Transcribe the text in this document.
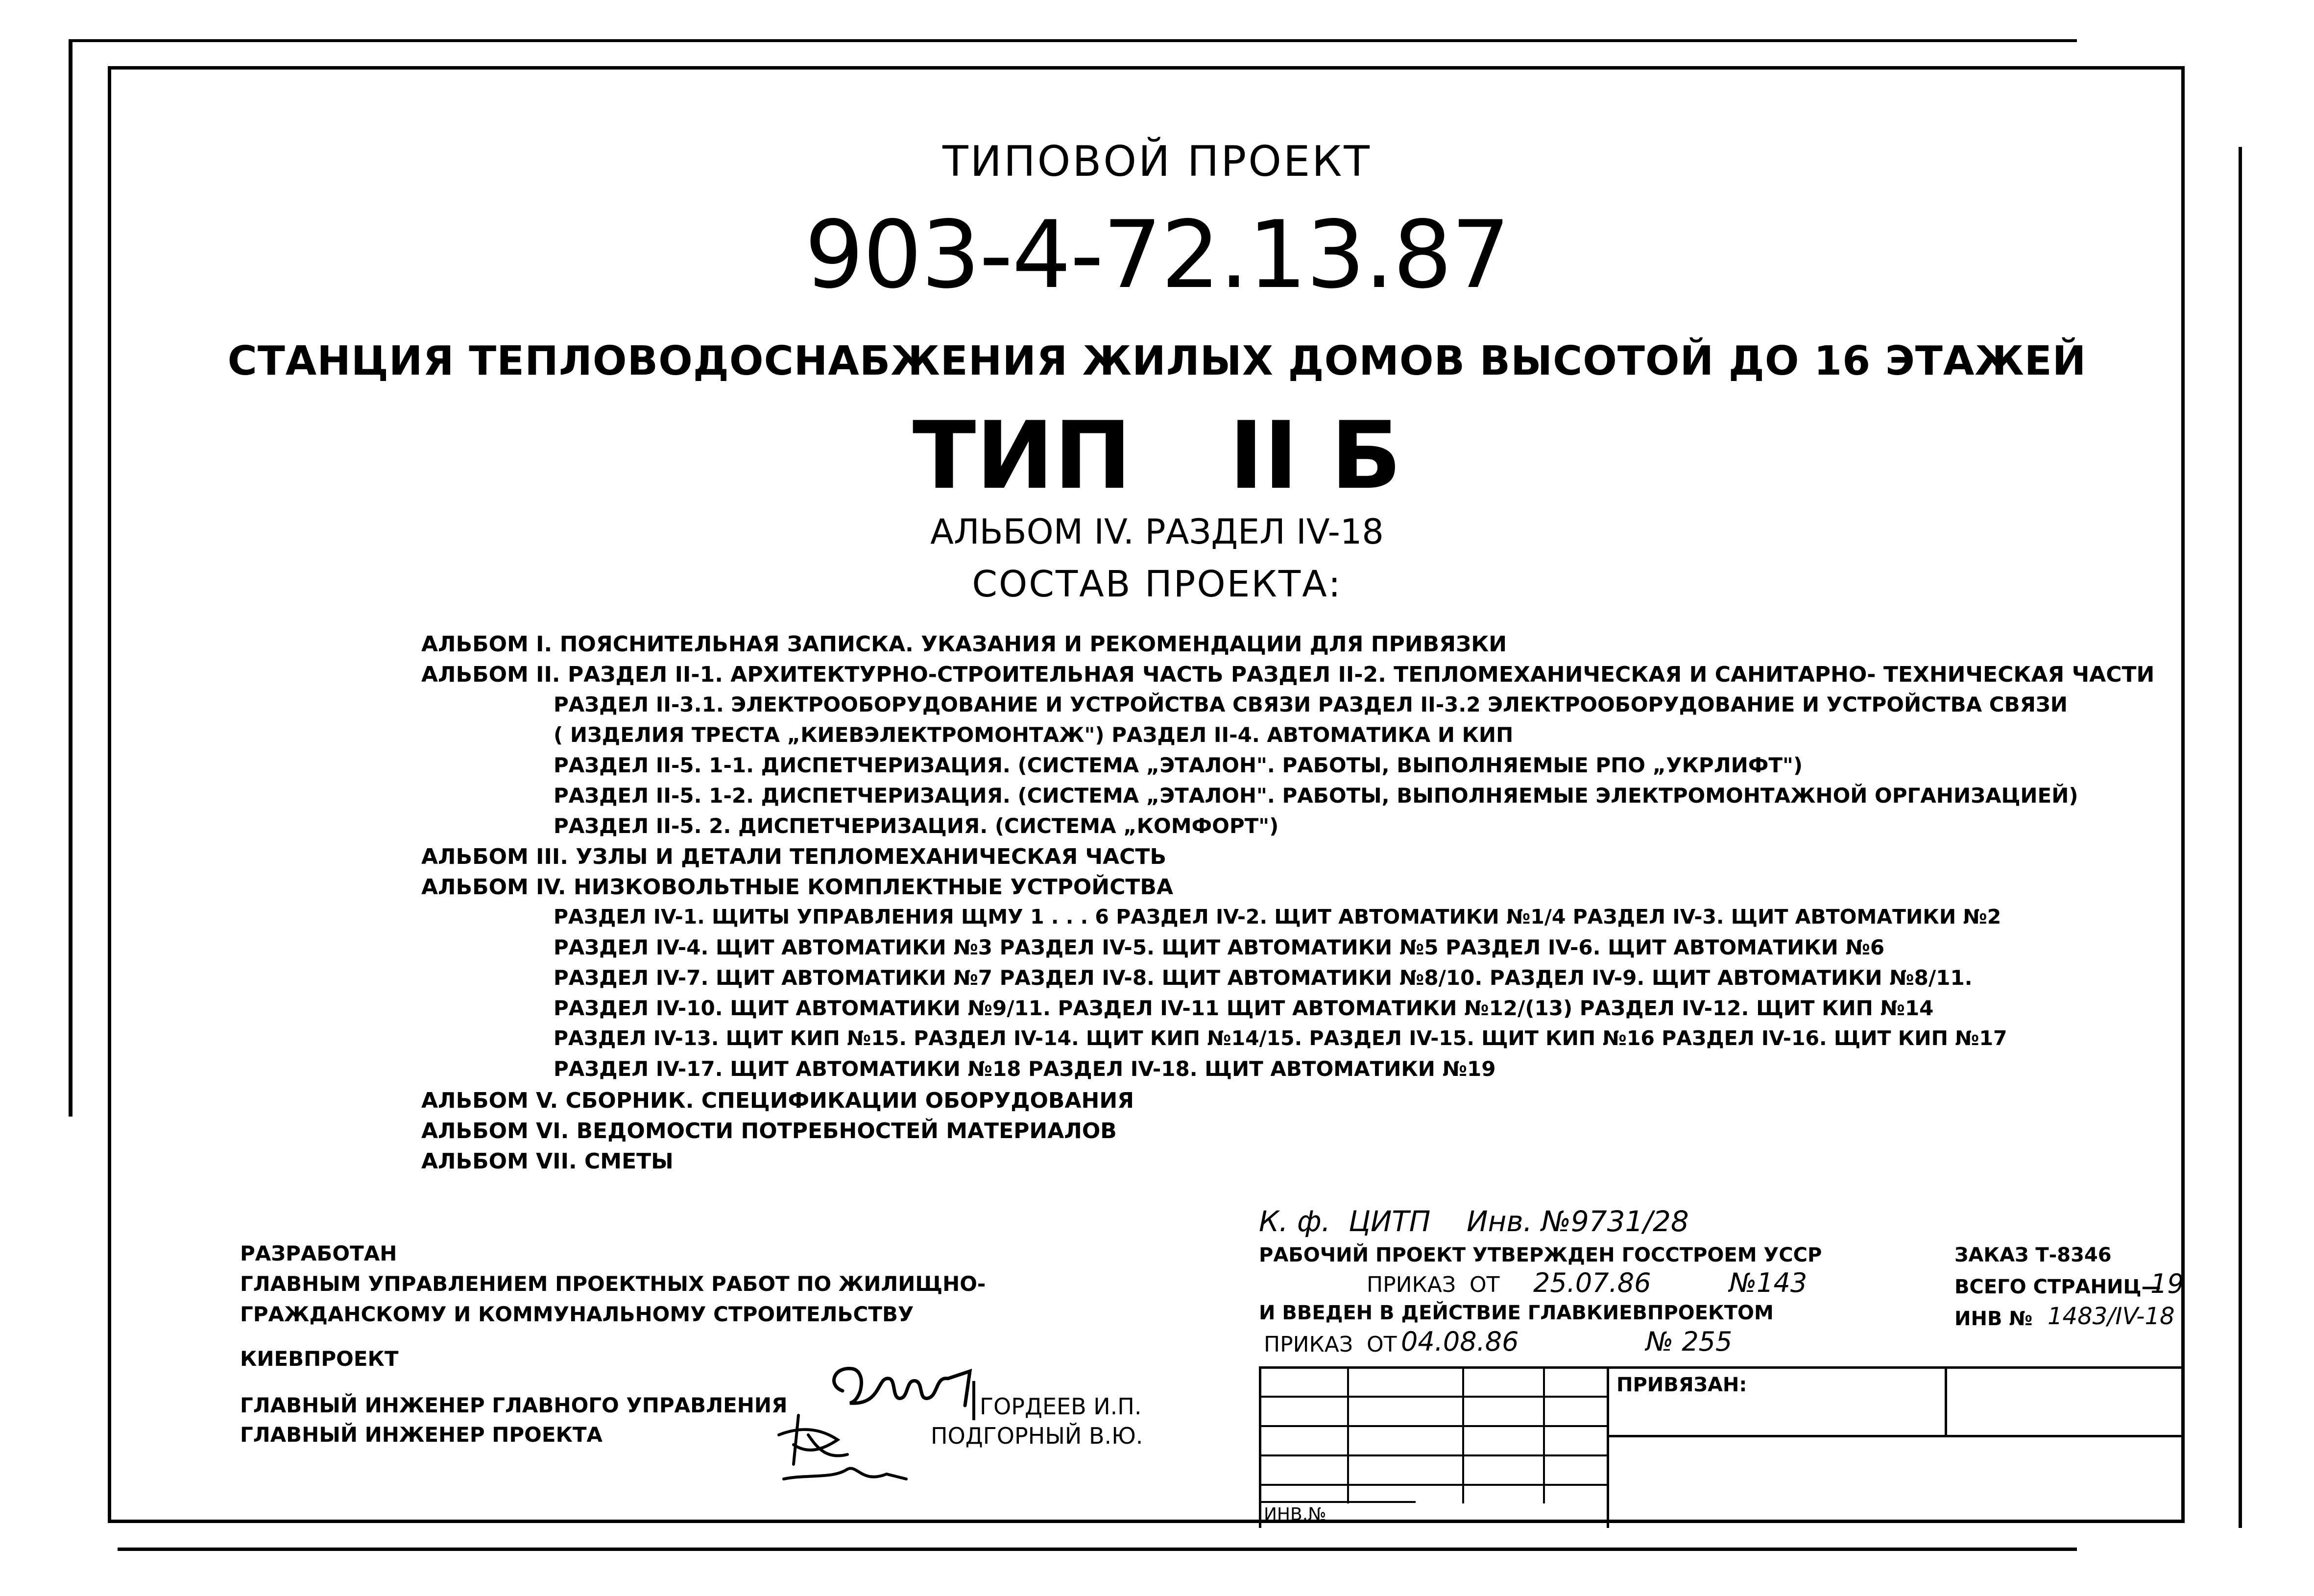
ТИПОВОЙ ПРОЕКТ
903-4-72.13.87
СТАНЦИЯ ТЕПЛОВОДОСНАБЖЕНИЯ ЖИЛЫХ ДОМОВ ВЫСОТОЙ ДО 16 ЭТАЖЕЙ
ТИП   II Б
АЛЬБОМ IV. РАЗДЕЛ IV-18
СОСТАВ ПРОЕКТА:
АЛЬБОМ I. ПОЯСНИТЕЛЬНАЯ ЗАПИСКА. УКАЗАНИЯ И РЕКОМЕНДАЦИИ ДЛЯ ПРИВЯЗКИ
АЛЬБОМ II. РАЗДЕЛ II-1. АРХИТЕКТУРНО-СТРОИТЕЛЬНАЯ ЧАСТЬ РАЗДЕЛ II-2. ТЕПЛОМЕХАНИЧЕСКАЯ И САНИТАРНО- ТЕХНИЧЕСКАЯ ЧАСТИ
РАЗДЕЛ II-3.1. ЭЛЕКТРООБОРУДОВАНИЕ И УСТРОЙСТВА СВЯЗИ РАЗДЕЛ II-3.2 ЭЛЕКТРООБОРУДОВАНИЕ И УСТРОЙСТВА СВЯЗИ
( ИЗДЕЛИЯ ТРЕСТА „КИЕВЭЛЕКТРОМОНТАЖ") РАЗДЕЛ II-4. АВТОМАТИКА И КИП
РАЗДЕЛ II-5. 1-1. ДИСПЕТЧЕРИЗАЦИЯ. (СИСТЕМА „ЭТАЛОН". РАБОТЫ, ВЫПОЛНЯЕМЫЕ РПО „УКРЛИФТ")
РАЗДЕЛ II-5. 1-2. ДИСПЕТЧЕРИЗАЦИЯ. (СИСТЕМА „ЭТАЛОН". РАБОТЫ, ВЫПОЛНЯЕМЫЕ ЭЛЕКТРОМОНТАЖНОЙ ОРГАНИЗАЦИЕЙ)
РАЗДЕЛ II-5. 2. ДИСПЕТЧЕРИЗАЦИЯ. (СИСТЕМА „КОМФОРТ")
АЛЬБОМ III. УЗЛЫ И ДЕТАЛИ ТЕПЛОМЕХАНИЧЕСКАЯ ЧАСТЬ
АЛЬБОМ IV. НИЗКОВОЛЬТНЫЕ КОМПЛЕКТНЫЕ УСТРОЙСТВА
РАЗДЕЛ IV-1. ЩИТЫ УПРАВЛЕНИЯ ЩМУ 1 . . . 6 РАЗДЕЛ IV-2. ЩИТ АВТОМАТИКИ №1/4 РАЗДЕЛ IV-3. ЩИТ АВТОМАТИКИ №2
РАЗДЕЛ IV-4. ЩИТ АВТОМАТИКИ №3 РАЗДЕЛ IV-5. ЩИТ АВТОМАТИКИ №5 РАЗДЕЛ IV-6. ЩИТ АВТОМАТИКИ №6
РАЗДЕЛ IV-7. ЩИТ АВТОМАТИКИ №7 РАЗДЕЛ IV-8. ЩИТ АВТОМАТИКИ №8/10. РАЗДЕЛ IV-9. ЩИТ АВТОМАТИКИ №8/11.
РАЗДЕЛ IV-10. ЩИТ АВТОМАТИКИ №9/11. РАЗДЕЛ IV-11 ЩИТ АВТОМАТИКИ №12/(13) РАЗДЕЛ IV-12. ЩИТ КИП №14
РАЗДЕЛ IV-13. ЩИТ КИП №15. РАЗДЕЛ IV-14. ЩИТ КИП №14/15. РАЗДЕЛ IV-15. ЩИТ КИП №16 РАЗДЕЛ IV-16. ЩИТ КИП №17
РАЗДЕЛ IV-17. ЩИТ АВТОМАТИКИ №18 РАЗДЕЛ IV-18. ЩИТ АВТОМАТИКИ №19
АЛЬБОМ V. СБОРНИК. СПЕЦИФИКАЦИИ ОБОРУДОВАНИЯ
АЛЬБОМ VI. ВЕДОМОСТИ ПОТРЕБНОСТЕЙ МАТЕРИАЛОВ
АЛЬБОМ VII. СМЕТЫ
РАЗРАБОТАН
ГЛАВНЫМ УПРАВЛЕНИЕМ ПРОЕКТНЫХ РАБОТ ПО ЖИЛИЩНО-
ГРАЖДАНСКОМУ И КОММУНАЛЬНОМУ СТРОИТЕЛЬСТВУ
КИЕВПРОЕКТ
ГЛАВНЫЙ ИНЖЕНЕР ГЛАВНОГО УПРАВЛЕНИЯ
ГЛАВНЫЙ ИНЖЕНЕР ПРОЕКТА
ГОРДЕЕВ И.П.
ПОДГОРНЫЙ В.Ю.
К. ф.  ЦИТП    Инв. №9731/28
РАБОЧИЙ ПРОЕКТ УТВЕРЖДЕН ГОССТРОЕМ УССР
ПРИКАЗ  ОТ 25.07.86	№143
И ВВЕДЕН В ДЕЙСТВИЕ ГЛАВКИЕВПРОЕКТОМ
ПРИКАЗ  ОТ 04.08.86	№ 255
ЗАКАЗ Т-8346
ВСЕГО СТРАНИЦ—
19
ИНВ № 1483/IV-18
ПРИВЯЗАН:
ИНВ.№
